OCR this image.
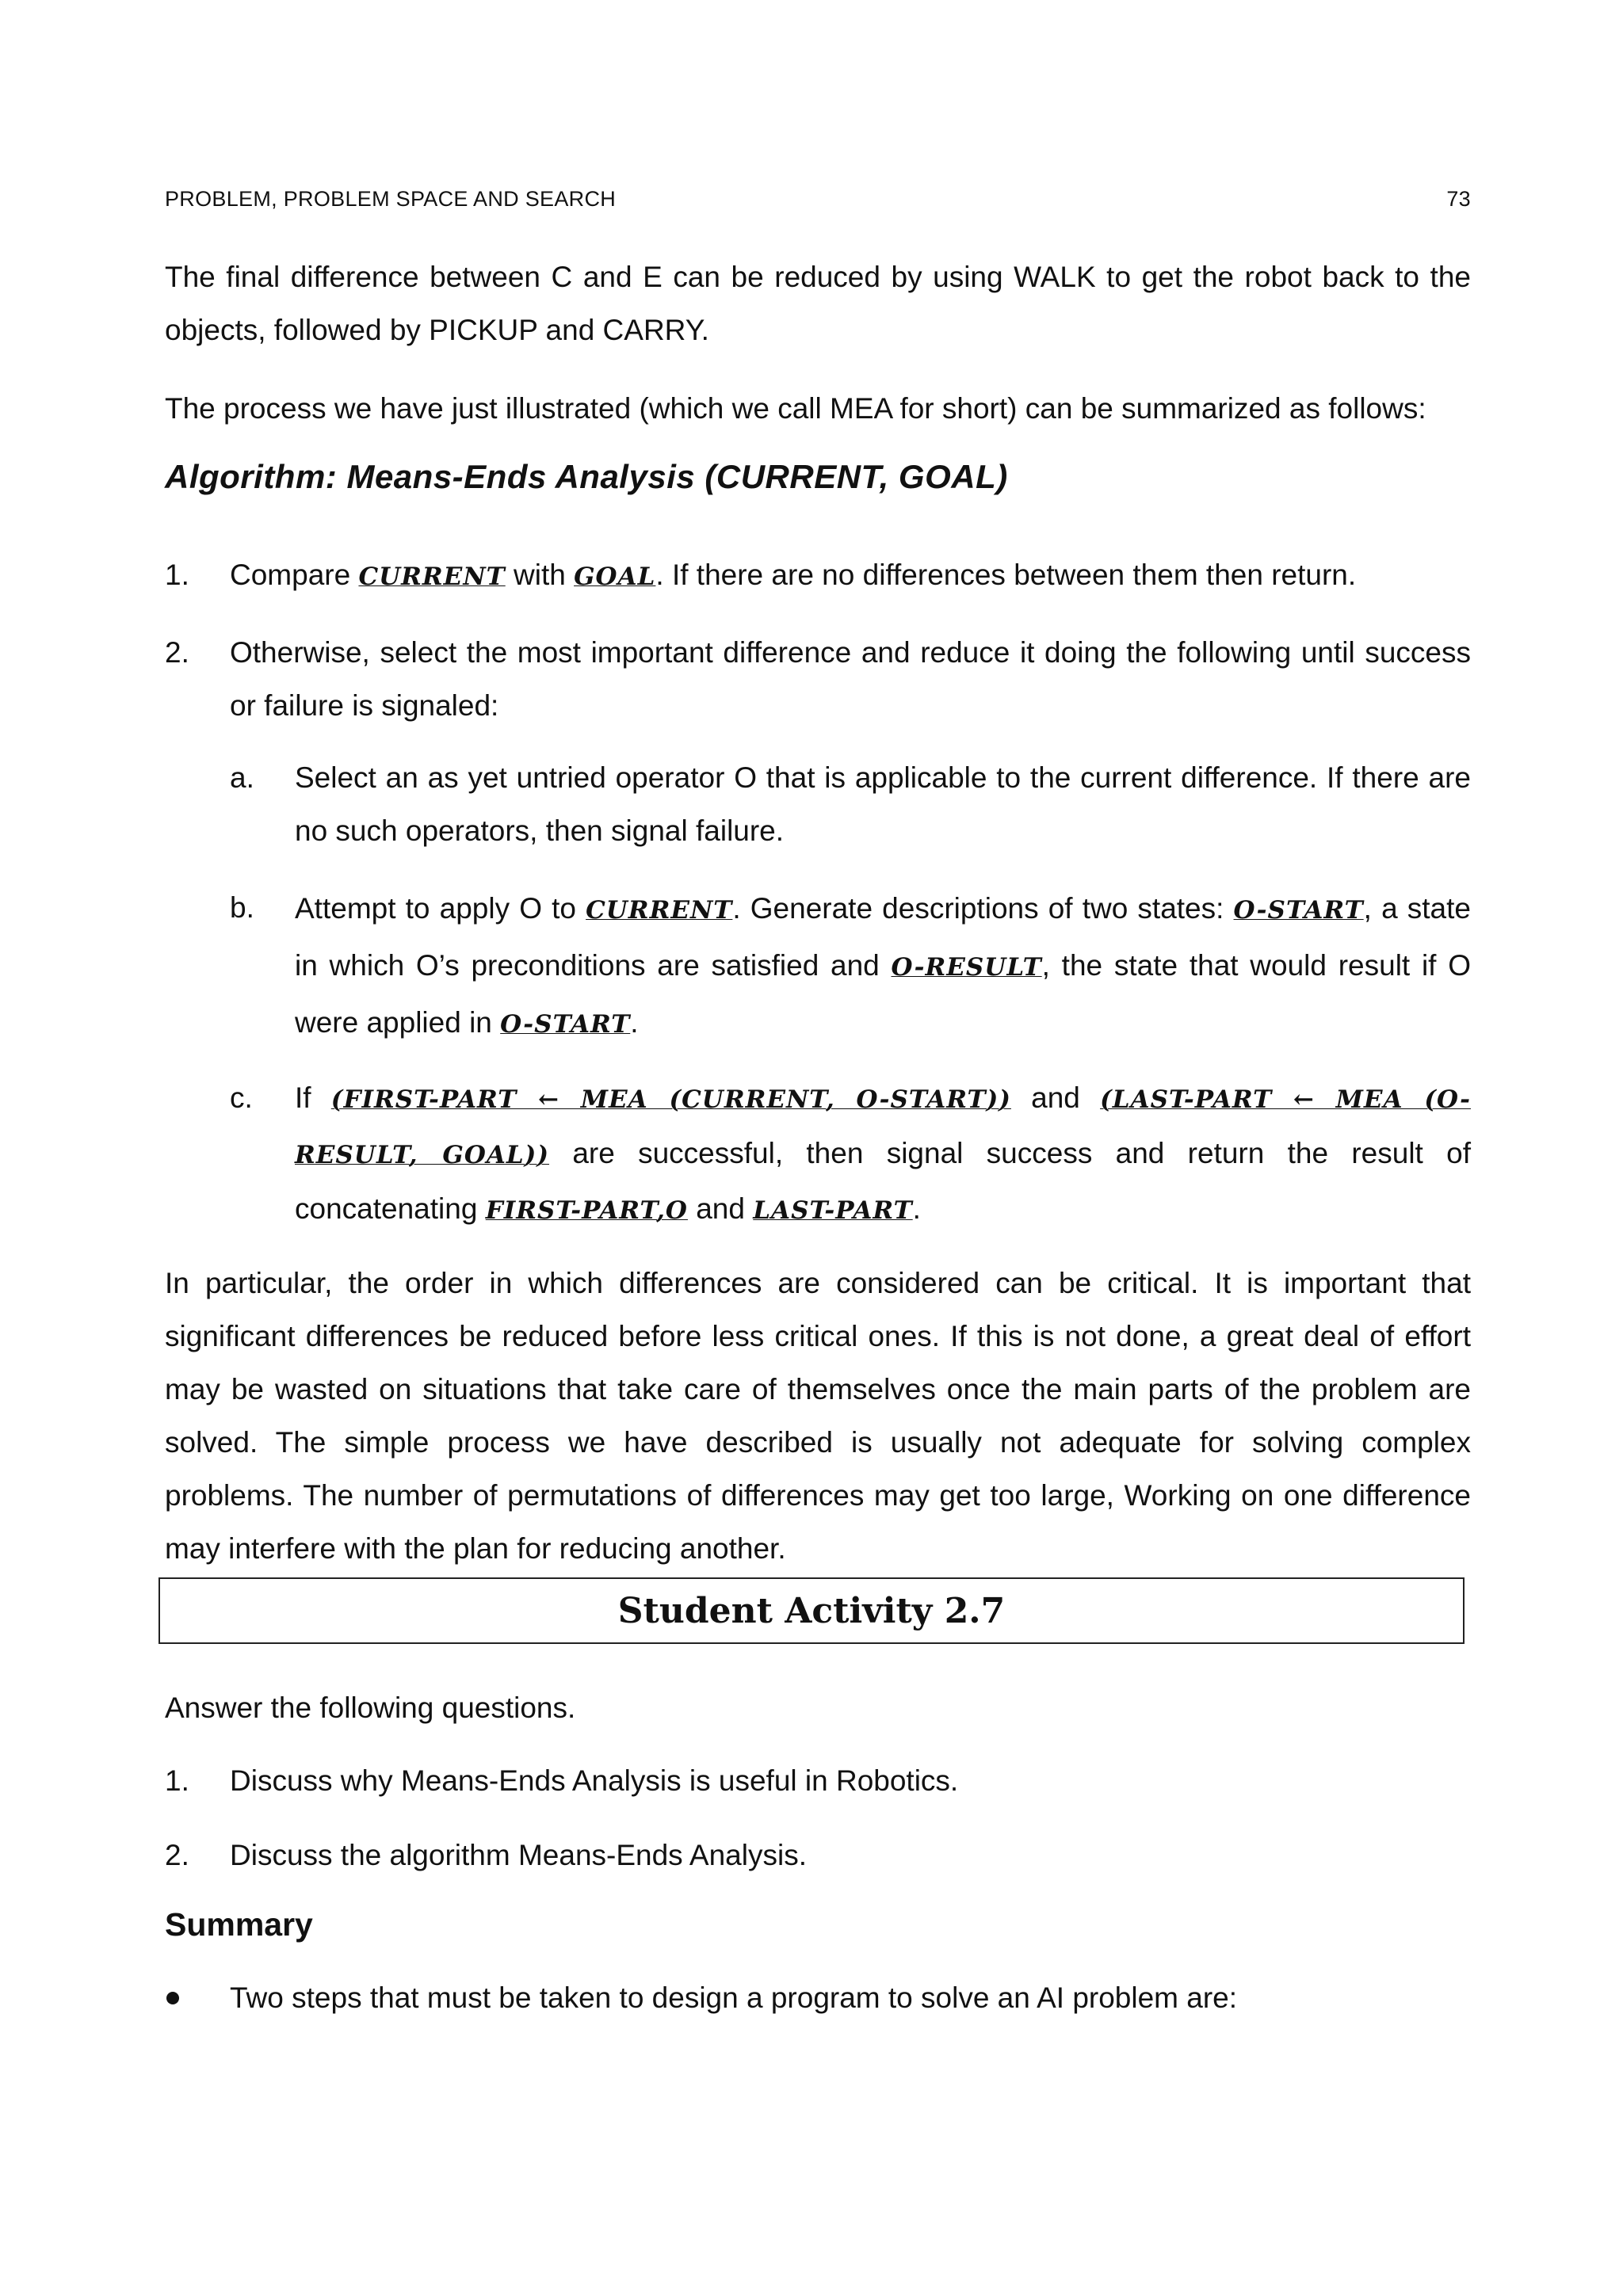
PROBLEM, PROBLEM SPACE AND SEARCH	73

The final difference between C and E can be reduced by using WALK to get the robot back to the objects, followed by PICKUP and CARRY.

The process we have just illustrated (which we call MEA for short) can be summarized as follows:

Algorithm: Means-Ends Analysis (CURRENT, GOAL)
1. Compare CURRENT with GOAL. If there are no differences between them then return.

2. Otherwise, select the most important difference and reduce it doing the following until success or failure is signaled:

a. Select an as yet untried operator O that is applicable to the current difference. If there are no such operators, then signal failure.

b. Attempt to apply O to CURRENT. Generate descriptions of two states: O-START, a state in which O’s preconditions are satisfied and O-RESULT, the state that would result if O were applied in O-START.

c. If (FIRST-PART ← MEA (CURRENT, O-START)) and (LAST-PART ← MEA (O-RESULT, GOAL)) are successful, then signal success and return the result of concatenating FIRST-PART,O and LAST-PART.

In particular, the order in which differences are considered can be critical. It is important that significant differences be reduced before less critical ones. If this is not done, a great deal of effort may be wasted on situations that take care of themselves once the main parts of the problem are solved. The simple process we have described is usually not adequate for solving complex problems. The number of permutations of differences may get too large, Working on one difference may interfere with the plan for reducing another.

Student Activity 2.7

Answer the following questions.

1. Discuss why Means-Ends Analysis is useful in Robotics.

2. Discuss the algorithm Means-Ends Analysis.

Summary

Two steps that must be taken to design a program to solve an AI problem are:
